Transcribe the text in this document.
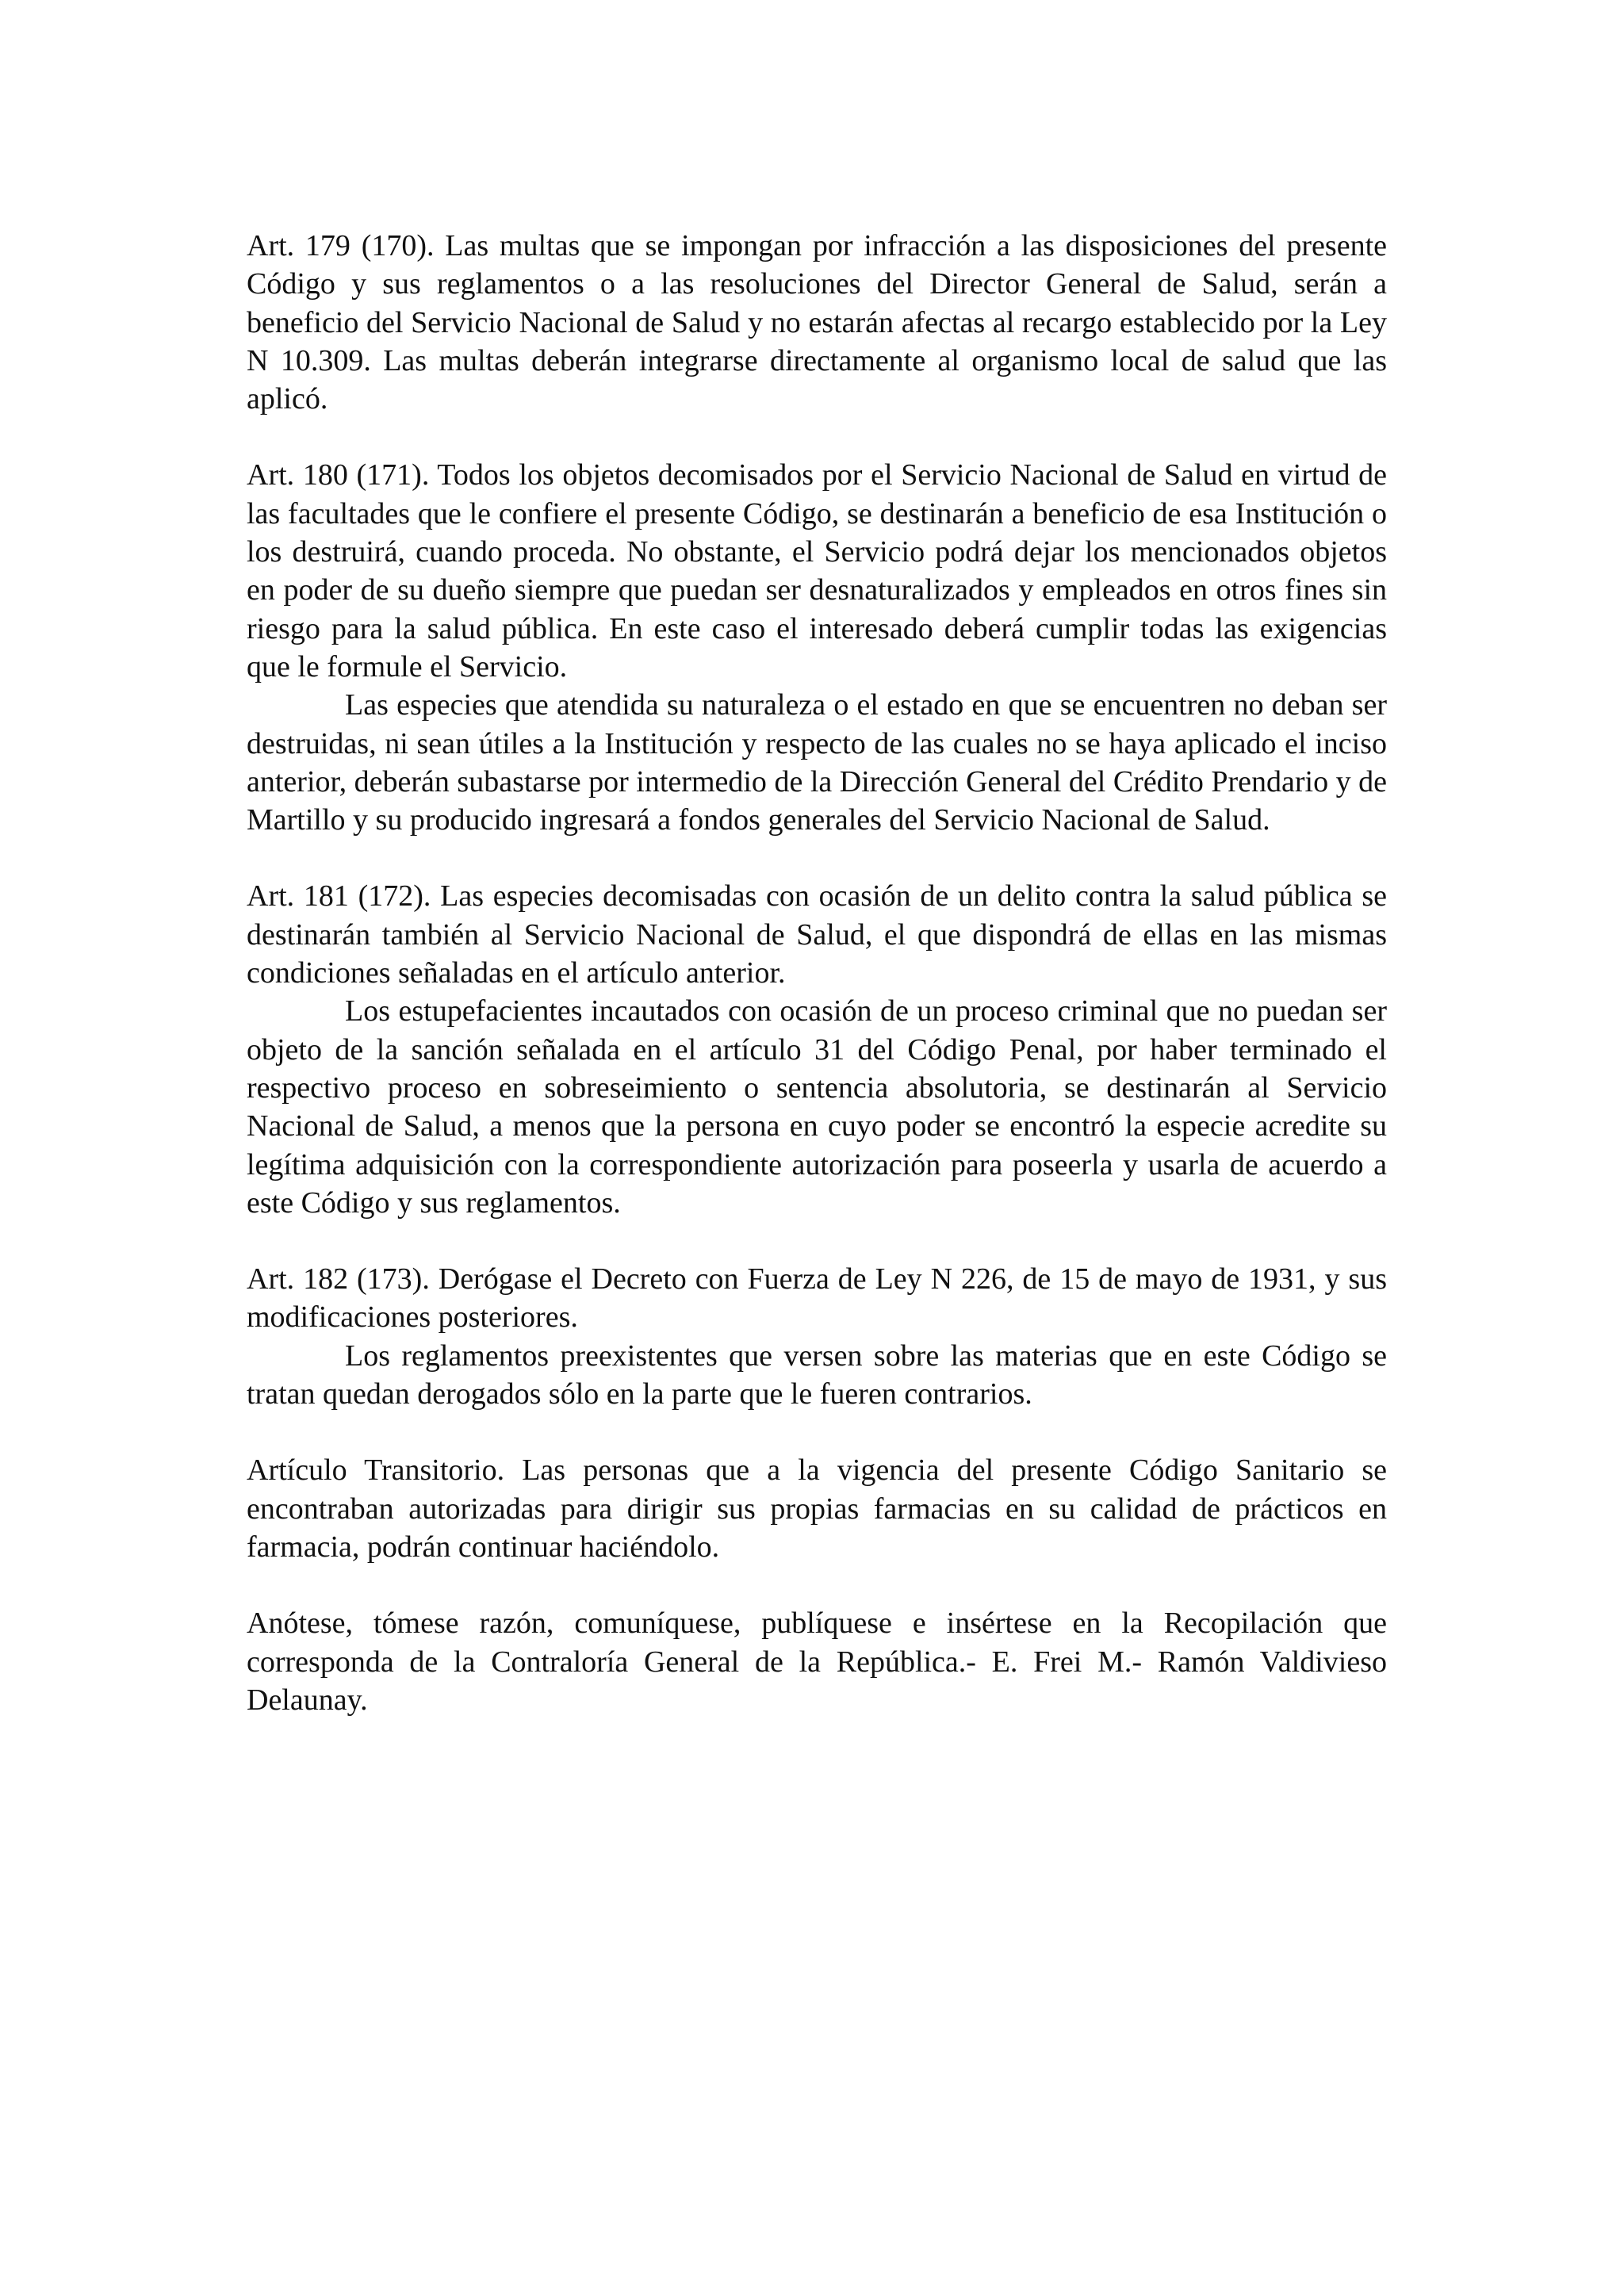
Art. 179 (170). Las multas que se impongan por infracción a las disposiciones del presente Código y sus reglamentos o a las resoluciones del Director General de Salud, serán a beneficio del Servicio Nacional de Salud y no estarán afectas al recargo establecido por la Ley N 10.309. Las multas deberán integrarse directamente al organismo local de salud que las aplicó.

Art. 180 (171). Todos los objetos decomisados por el Servicio Nacional de Salud en virtud de las facultades que le confiere el presente Código, se destinarán a beneficio de esa Institución o los destruirá, cuando proceda. No obstante, el Servicio podrá dejar los mencionados objetos en poder de su dueño siempre que puedan ser desnaturalizados y empleados en otros fines sin riesgo para la salud pública. En este caso el interesado deberá cumplir todas las exigencias que le formule el Servicio.

Las especies que atendida su naturaleza o el estado en que se encuentren no deban ser destruidas, ni sean útiles a la Institución y respecto de las cuales no se haya aplicado el inciso anterior, deberán subastarse por intermedio de la Dirección General del Crédito Prendario y de Martillo y su producido ingresará a fondos generales del Servicio Nacional de Salud.

Art. 181 (172). Las especies decomisadas con ocasión de un delito contra la salud pública se destinarán también al Servicio Nacional de Salud, el que dispondrá de ellas en las mismas condiciones señaladas en el artículo anterior.

Los estupefacientes incautados con ocasión de un proceso criminal que no puedan ser objeto de la sanción señalada en el artículo 31 del Código Penal, por haber terminado el respectivo proceso en sobreseimiento o sentencia absolutoria, se destinarán al Servicio Nacional de Salud, a menos que la persona en cuyo poder se encontró la especie acredite su legítima adquisición con la correspondiente autorización para poseerla y usarla de acuerdo a este Código y sus reglamentos.

Art. 182 (173). Derógase el Decreto con Fuerza de Ley N 226, de 15 de mayo de 1931, y sus modificaciones posteriores.

Los reglamentos preexistentes que versen sobre las materias que en este Código se tratan quedan derogados sólo en la parte que le fueren contrarios.

Artículo Transitorio. Las personas que a la vigencia del presente Código Sanitario se encontraban autorizadas para dirigir sus propias farmacias en su calidad de prácticos en farmacia, podrán continuar haciéndolo.

Anótese, tómese razón, comuníquese, publíquese e insértese en la Recopilación que corresponda de la Contraloría General de la República.- E. Frei M.- Ramón Valdivieso Delaunay.
